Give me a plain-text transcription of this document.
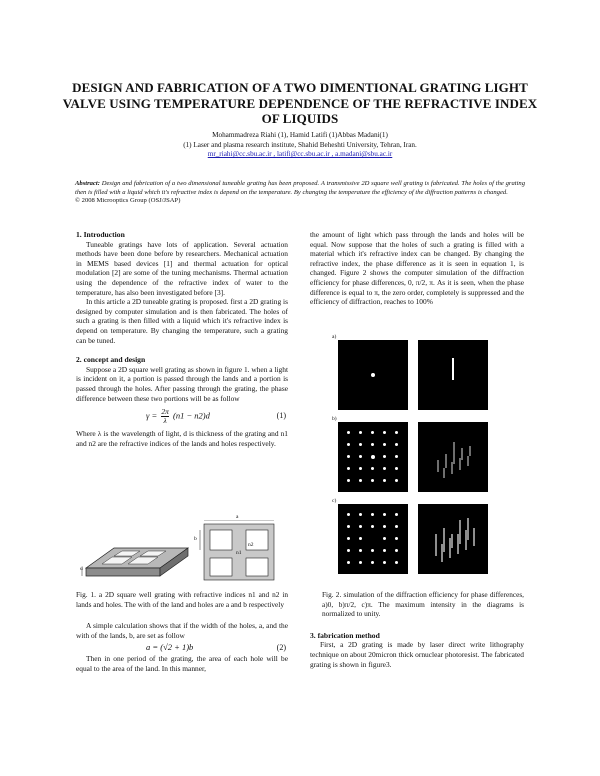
DESIGN AND FABRICATION OF A TWO DIMENTIONAL GRATING LIGHT VALVE USING TEMPERATURE DEPENDENCE OF THE REFRACTIVE INDEX OF LIQUIDS
Mohammadreza Riahi (1), Hamid Latifi (1)Abbas Madani(1)
(1) Laser and plasma research institute, Shahid Beheshti University, Tehran, Iran.
mr_riahi@cc.sbu.ac.ir , latifi@cc.sbu.ac.ir , a.madani@sbu.ac.ir
Abstract: Design and fabrication of a two dimensional tuneable grating has been proposed. A transmissive 2D square well grating is fabricated. The holes of the grating then is filled with a liquid which it's refractive index is depend on the temperature. By changing the temperature the efficiency of the diffraction patterns is changed.
© 2008 Microoptics Group (OSJ/JSAP)
1. Introduction

Tuneable gratings have lots of application. Several actuation methods have been done before by researchers. Mechanical actuation in MEMS based devices [1] and thermal actuation for optical modulation [2] are some of the tuning mechanisms. Thermal actuation using the dependence of the refractive index of water to the temperature, has also been investigated before [3].

In this article a 2D tuneable grating is proposed. first a 2D grating is designed by computer simulation and is then fabricated. The holes of such a grating is then filled with a liquid which it's refractive index is depend on temperature. By changing the temperature, such a grating can be tuned.

2. concept and design

Suppose a 2D square well grating as shown in figure 1. when a light is incident on it, a portion is passed through the lands and a portion is passed through the holes. After passing through the grating, the phase difference between these two portions will be as follow

$\gamma = \frac{2\pi}{\lambda} (n1 - n2)d$	(1)

Where λ is the wavelength of light, d is thickness of the grating and n1 and n2 are the refractive indices of the lands and holes respectively.

d
n2
a
b
n1

Fig. 1. a 2D square well grating with refractive indices n1 and n2 in lands and holes. The with of the land and holes are a and b respectively

A simple calculation shows that if the width of the holes, a, and the with of the lands, b, are set as follow

a = (√2 + 1)b	(2)

Then in one period of the grating, the area of each hole will be equal to the area of the land. In this manner,

the amount of light which pass through the lands and holes will be equal. Now suppose that the holes of such a grating is filled with a material which it's refractive index can be changed. By changing the refractive index, the phase difference as it is seen in equation 1, is changed. Figure 2 shows the computer simulation of the diffraction efficiency for phase differences, 0, π/2, π. As it is seen, when the phase difference is equal to π, the zero order, completely is suppressed and the efficiency of diffraction, reaches to 100%

a)
b)
c)

Fig. 2. simulation of the diffraction efficiency for phase differences, a)0, b)π/2, c)π. The maximum intensity in the diagrams is normalized to unity.

3. fabrication method

First, a 2D grating is made by laser direct write lithography technique on about 20micron thick ornuclear photoresist. The fabricated grating is shown in figure3.
